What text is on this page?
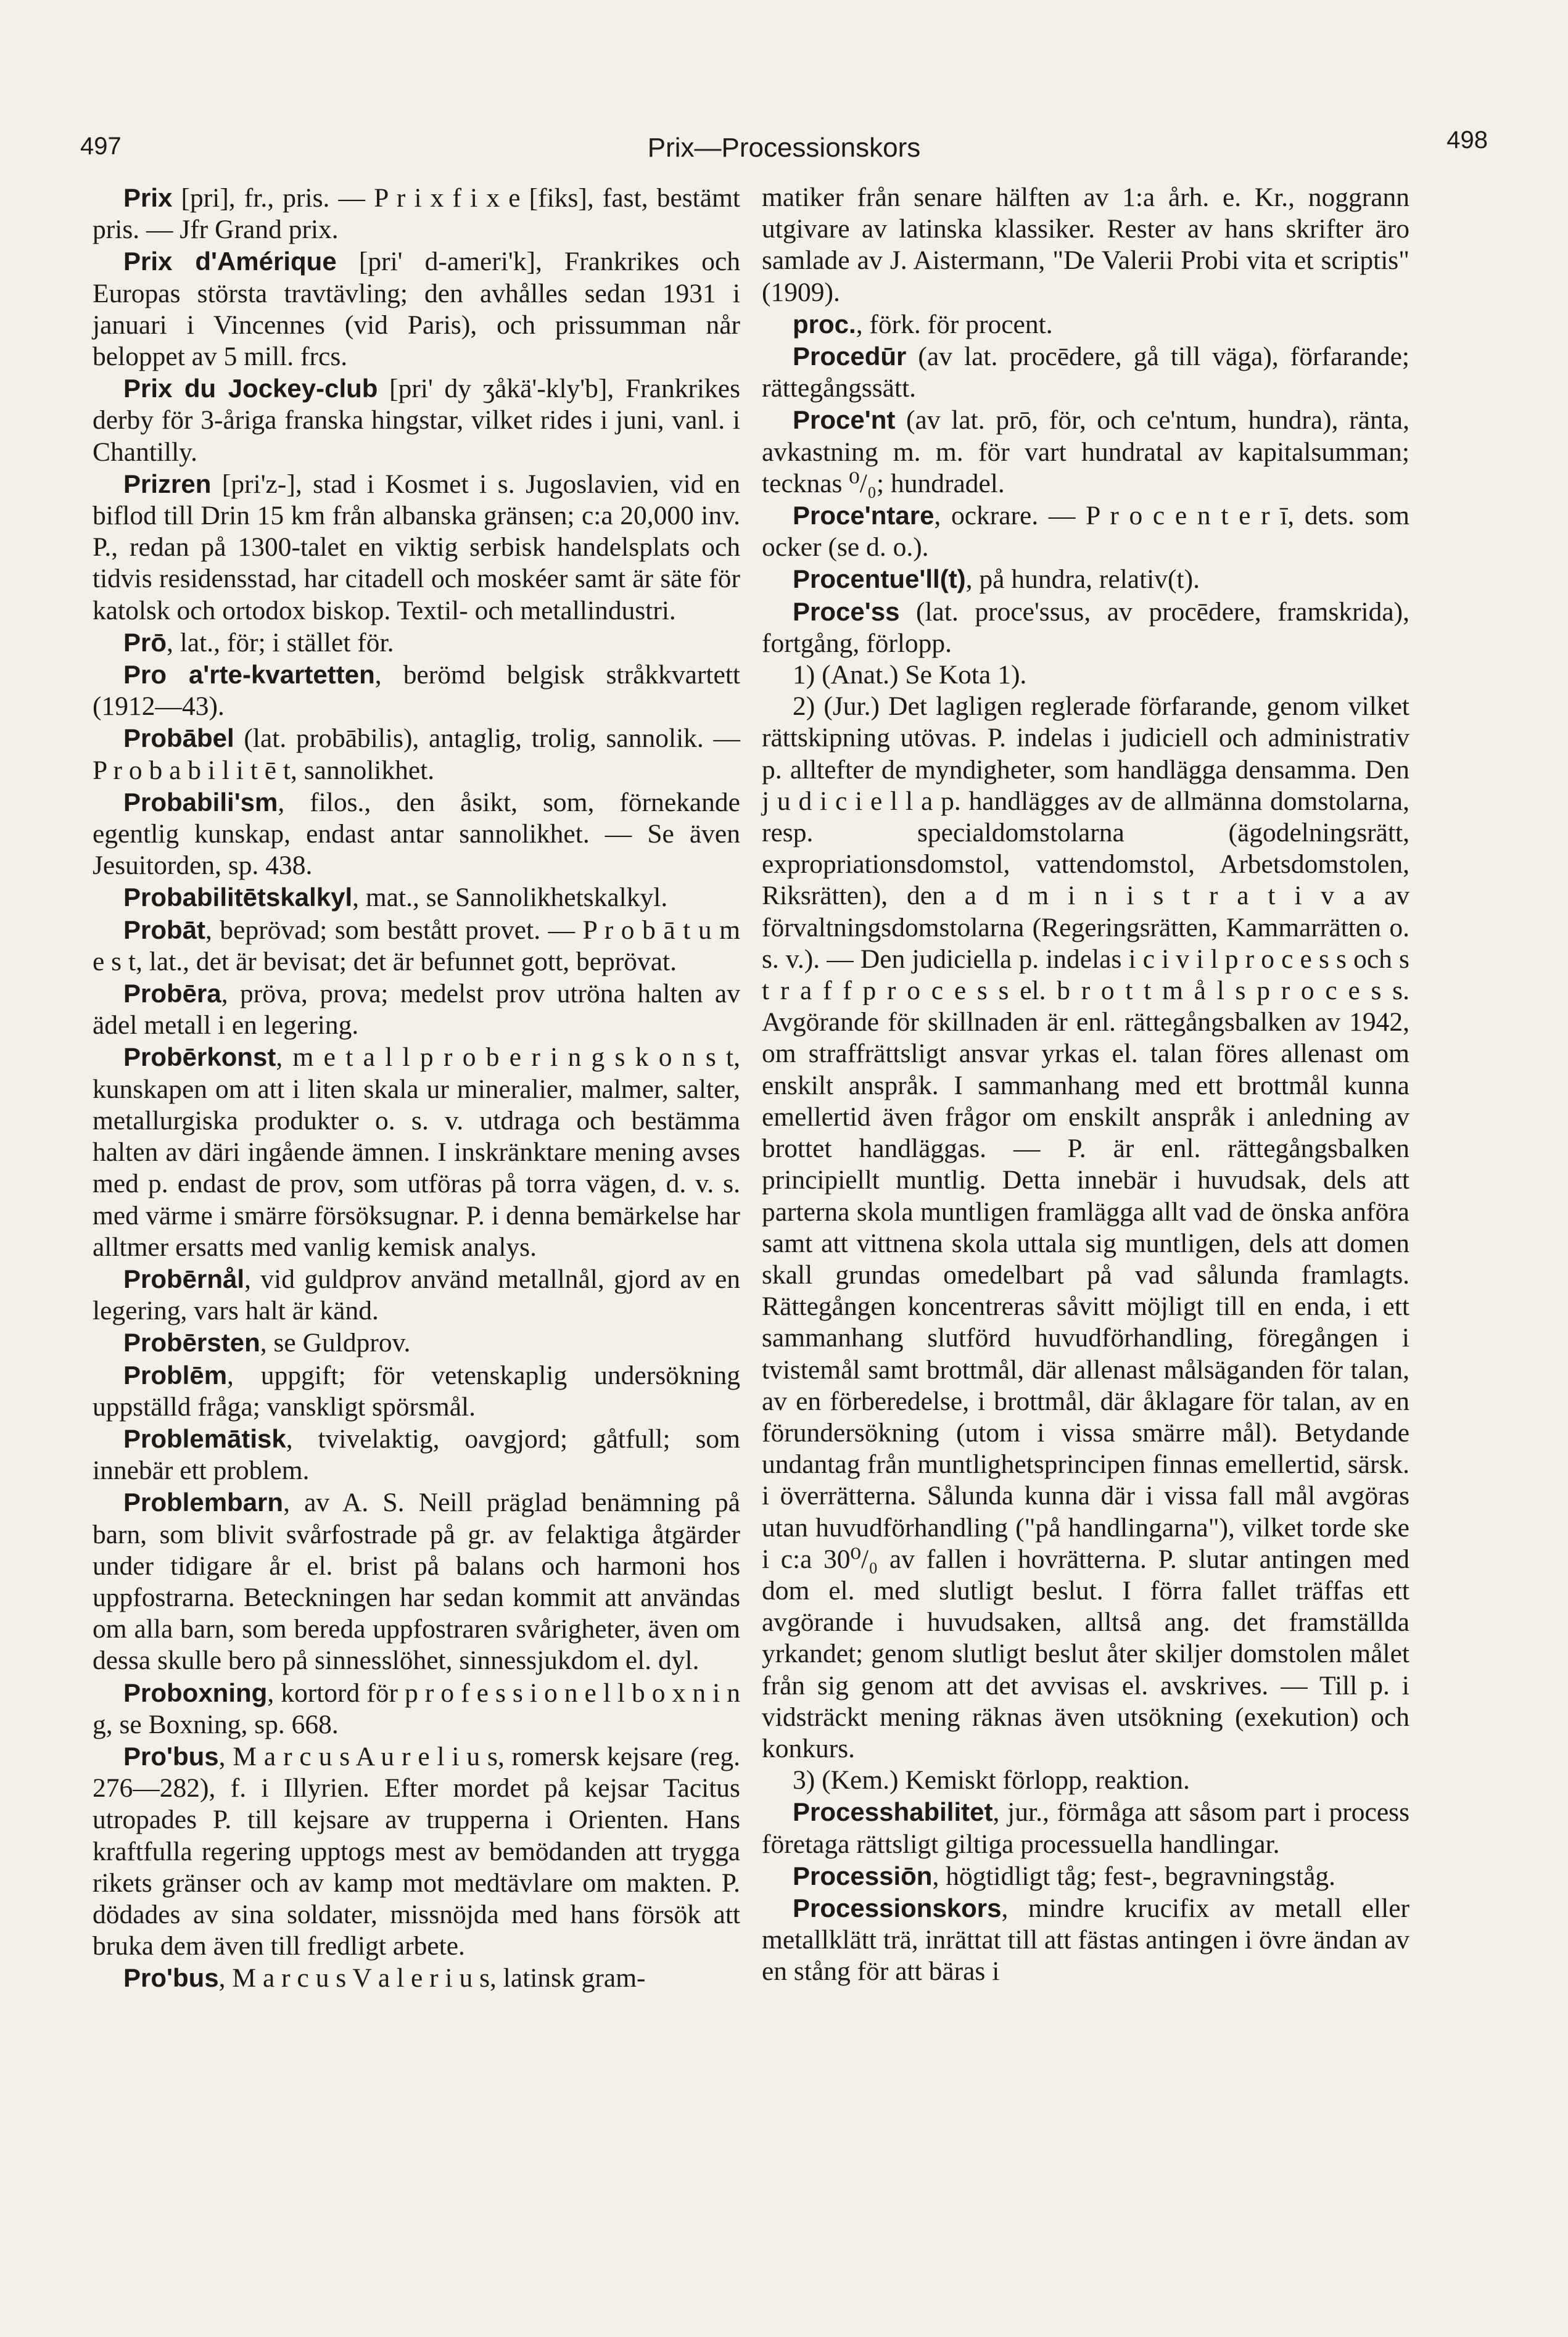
497	Prix—Processionskors	498

Prix [pri], fr., pris. — P r i x f i x e [fiks], fast, bestämt pris. — Jfr Grand prix.

Prix d'Amérique [pri' d-ameri'k], Frankrikes och Europas största travtävling; den avhålles sedan 1931 i januari i Vincennes (vid Paris), och prissumman når beloppet av 5 mill. frcs.

Prix du Jockey-club [pri' dy ʒåkä'-kly'b], Frankrikes derby för 3-åriga franska hingstar, vilket rides i juni, vanl. i Chantilly.

Prizren [pri'z-], stad i Kosmet i s. Jugoslavien, vid en biflod till Drin 15 km från albanska gränsen; c:a 20,000 inv. P., redan på 1300-talet en viktig serbisk handelsplats och tidvis residensstad, har citadell och moskéer samt är säte för katolsk och ortodox biskop. Textil- och metallindustri.

Prō, lat., för; i stället för.

Pro a'rte-kvartetten, berömd belgisk stråkkvartett (1912—43).

Probābel (lat. probābilis), antaglig, trolig, sannolik. — P r o b a b i l i t ē t, sannolikhet.

Probabili'sm, filos., den åsikt, som, förnekande egentlig kunskap, endast antar sannolikhet. — Se även Jesuitorden, sp. 438.

Probabilitētskalkyl, mat., se Sannolikhetskalkyl.

Probāt, beprövad; som bestått provet. — P r o b ā t u m e s t, lat., det är bevisat; det är befunnet gott, beprövat.

Probēra, pröva, prova; medelst prov utröna halten av ädel metall i en legering.

Probērkonst, m e t a l l p r o b e r i n g s k o n s t, kunskapen om att i liten skala ur mineralier, malmer, salter, metallurgiska produkter o. s. v. utdraga och bestämma halten av däri ingående ämnen. I inskränktare mening avses med p. endast de prov, som utföras på torra vägen, d. v. s. med värme i smärre försöksugnar. P. i denna bemärkelse har alltmer ersatts med vanlig kemisk analys.

Probērnål, vid guldprov använd metallnål, gjord av en legering, vars halt är känd.

Probērsten, se Guldprov.

Problēm, uppgift; för vetenskaplig undersökning uppställd fråga; vanskligt spörsmål.

Problemātisk, tvivelaktig, oavgjord; gåtfull; som innebär ett problem.

Problembarn, av A. S. Neill präglad benämning på barn, som blivit svårfostrade på gr. av felaktiga åtgärder under tidigare år el. brist på balans och harmoni hos uppfostrarna. Beteckningen har sedan kommit att användas om alla barn, som bereda uppfostraren svårigheter, även om dessa skulle bero på sinnesslöhet, sinnessjukdom el. dyl.

Proboxning, kortord för p r o f e s s i o n e l l b o x n i n g, se Boxning, sp. 668.

Pro'bus, M a r c u s A u r e l i u s, romersk kejsare (reg. 276—282), f. i Illyrien. Efter mordet på kejsar Tacitus utropades P. till kejsare av trupperna i Orienten. Hans kraftfulla regering upptogs mest av bemödanden att trygga rikets gränser och av kamp mot medtävlare om makten. P. dödades av sina soldater, missnöjda med hans försök att bruka dem även till fredligt arbete.

Pro'bus, M a r c u s V a l e r i u s, latinsk gram-

matiker från senare hälften av 1:a årh. e. Kr., noggrann utgivare av latinska klassiker. Rester av hans skrifter äro samlade av J. Aistermann, "De Valerii Probi vita et scriptis" (1909).

proc., förk. för procent.

Procedūr (av lat. procēdere, gå till väga), förfarande; rättegångssätt.

Proce'nt (av lat. prō, för, och ce'ntum, hundra), ränta, avkastning m. m. för vart hundratal av kapitalsumman; tecknas ⁰/₀; hundradel.

Proce'ntare, ockrare. — P r o c e n t e r ī, dets. som ocker (se d. o.).

Procentue'll(t), på hundra, relativ(t).

Proce'ss (lat. proce'ssus, av procēdere, framskrida), fortgång, förlopp.

1) (Anat.) Se Kota 1).

2) (Jur.) Det lagligen reglerade förfarande, genom vilket rättskipning utövas. P. indelas i judiciell och administrativ p. alltefter de myndigheter, som handlägga densamma. Den j u d i c i e l l a p. handlägges av de allmänna domstolarna, resp. specialdomstolarna (ägodelningsrätt, expropriationsdomstol, vattendomstol, Arbetsdomstolen, Riksrätten), den a d m i n i s t r a t i v a av förvaltningsdomstolarna (Regeringsrätten, Kammarrätten o. s. v.). — Den judiciella p. indelas i c i v i l p r o c e s s och s t r a f f p r o c e s s el. b r o t t m å l s p r o c e s s. Avgörande för skillnaden är enl. rättegångsbalken av 1942, om straffrättsligt ansvar yrkas el. talan föres allenast om enskilt anspråk. I sammanhang med ett brottmål kunna emellertid även frågor om enskilt anspråk i anledning av brottet handläggas. — P. är enl. rättegångsbalken principiellt muntlig. Detta innebär i huvudsak, dels att parterna skola muntligen framlägga allt vad de önska anföra samt att vittnena skola uttala sig muntligen, dels att domen skall grundas omedelbart på vad sålunda framlagts. Rättegången koncentreras såvitt möjligt till en enda, i ett sammanhang slutförd huvudförhandling, föregången i tvistemål samt brottmål, där allenast målsäganden för talan, av en förberedelse, i brottmål, där åklagare för talan, av en förundersökning (utom i vissa smärre mål). Betydande undantag från muntlighetsprincipen finnas emellertid, särsk. i överrätterna. Sålunda kunna där i vissa fall mål avgöras utan huvudförhandling ("på handlingarna"), vilket torde ske i c:a 30⁰/₀ av fallen i hovrätterna. P. slutar antingen med dom el. med slutligt beslut. I förra fallet träffas ett avgörande i huvudsaken, alltså ang. det framställda yrkandet; genom slutligt beslut åter skiljer domstolen målet från sig genom att det avvisas el. avskrives. — Till p. i vidsträckt mening räknas även utsökning (exekution) och konkurs.

3) (Kem.) Kemiskt förlopp, reaktion.

Processhabilitet, jur., förmåga att såsom part i process företaga rättsligt giltiga processuella handlingar.

Processiōn, högtidligt tåg; fest-, begravningståg.

Processionskors, mindre krucifix av metall eller metallklätt trä, inrättat till att fästas antingen i övre ändan av en stång för att bäras i
